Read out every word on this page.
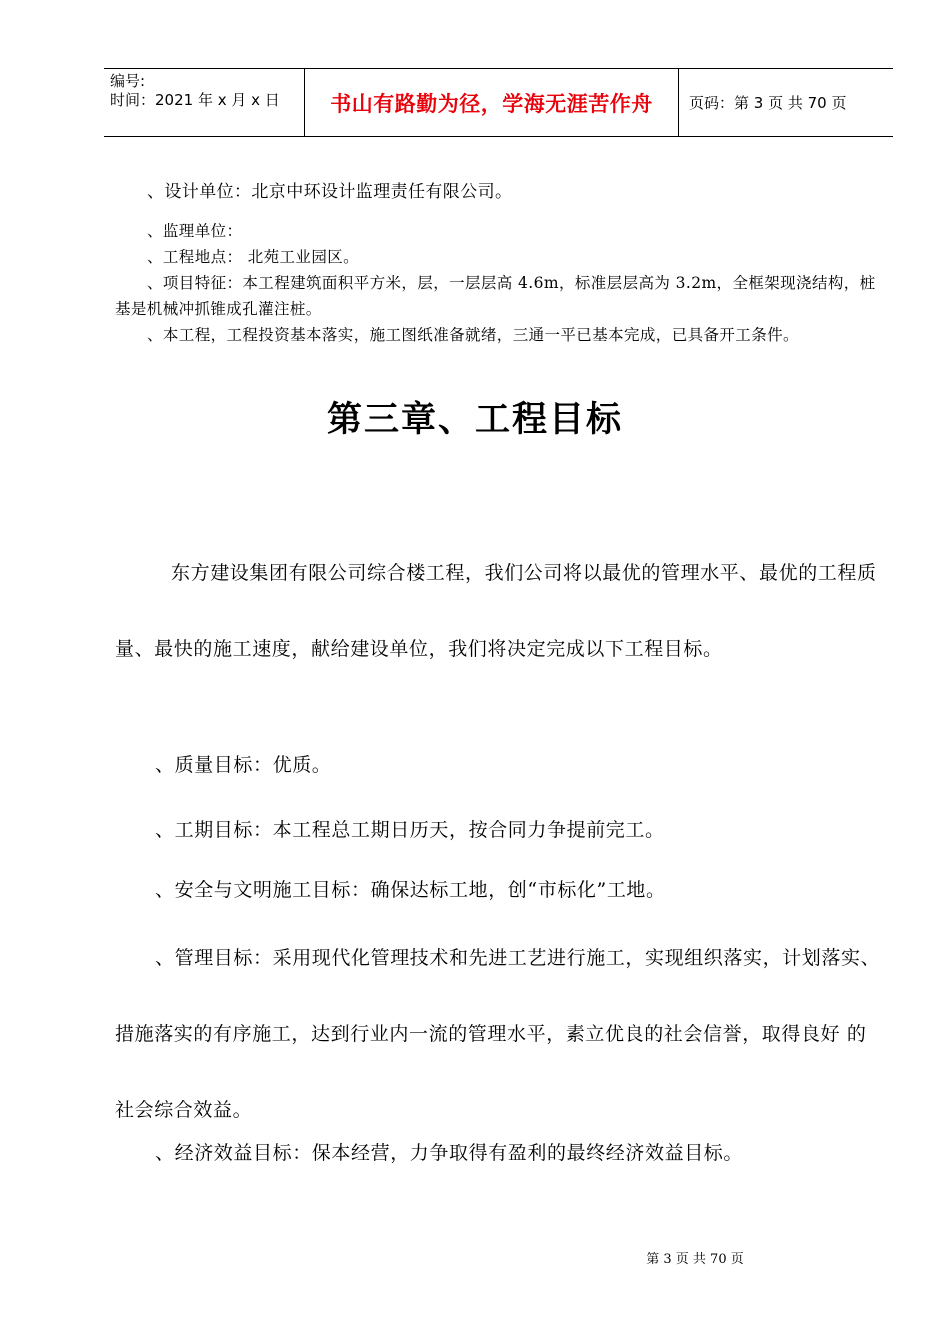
编号:
时间：2021 年 x 月 x 日	书山有路勤为径，学海无涯苦作舟 页码：第 3 页 共 70 页

、设计单位：北京中环设计监理责任有限公司。

、监理单位：

、工程地点： 北苑工业园区。

、项目特征：本工程建筑面积平方米，层，一层层高 4.6m，标准层层高为 3.2m，全框架现浇结构，桩基是机械冲抓锥成孔灌注桩。

、本工程，工程投资基本落实，施工图纸准备就绪，三通一平已基本完成，已具备开工条件。

第三章、工程目标

东方建设集团有限公司综合楼工程，我们公司将以最优的管理水平、最优的工程质量、最快的施工速度，献给建设单位，我们将决定完成以下工程目标。

、质量目标：优质。

、工期目标：本工程总工期日历天，按合同力争提前完工。

、安全与文明施工目标：确保达标工地，创“市标化”工地。

、管理目标：采用现代化管理技术和先进工艺进行施工，实现组织落实，计划落实、措施落实的有序施工，达到行业内一流的管理水平，素立优良的社会信誉，取得良好 的社会综合效益。

、经济效益目标：保本经营，力争取得有盈利的最终经济效益目标。

第 3 页 共 70 页
